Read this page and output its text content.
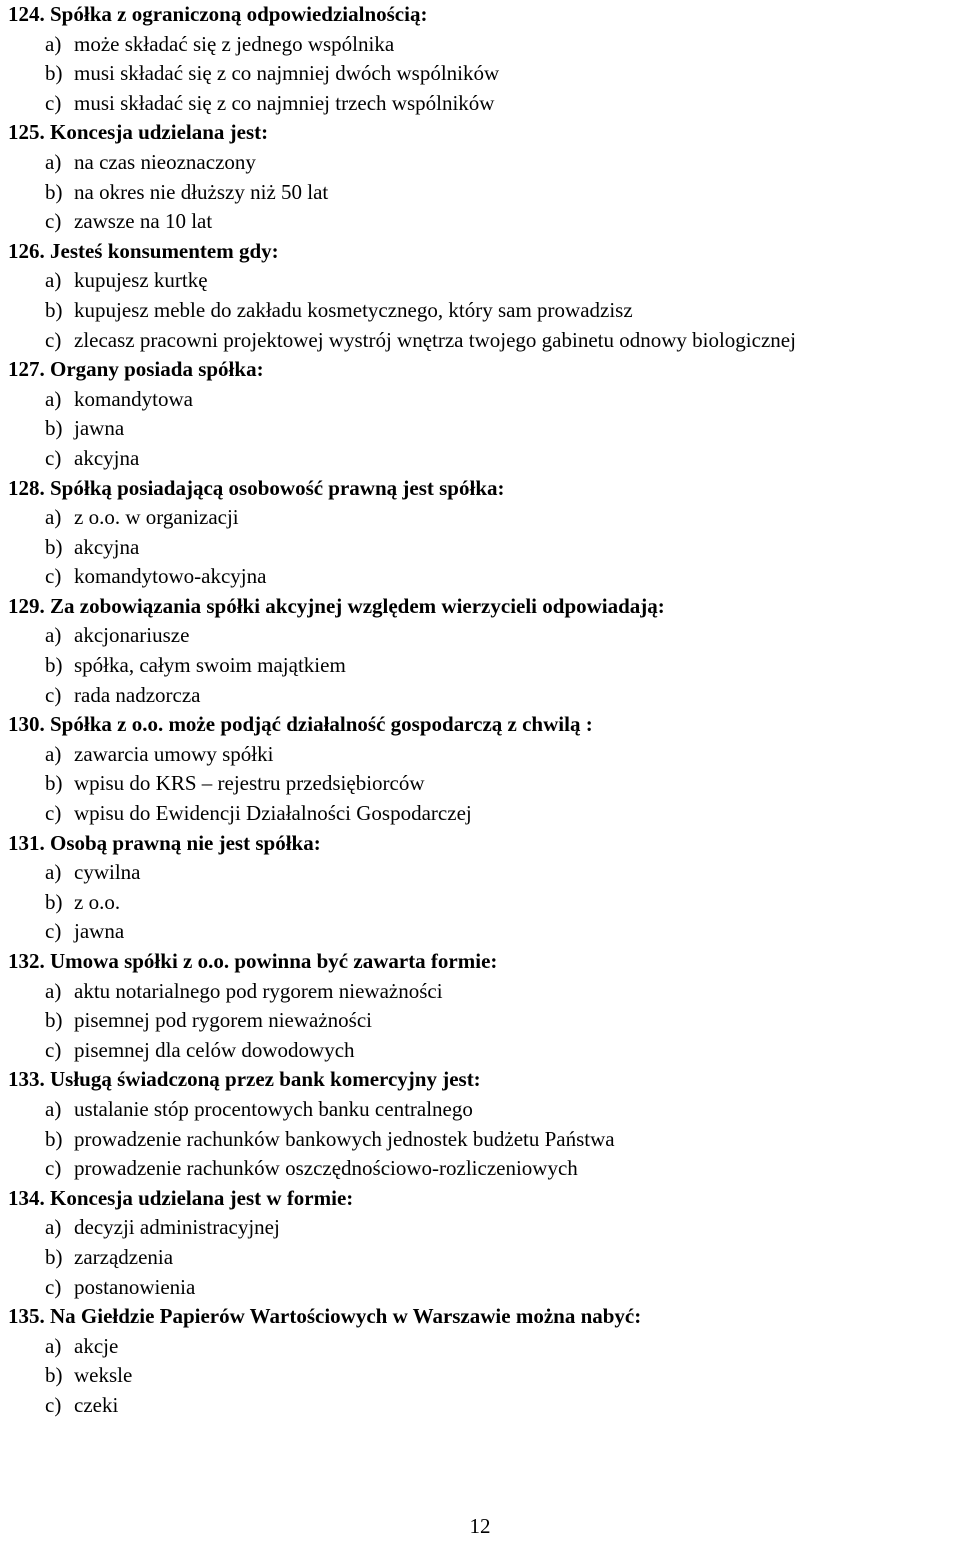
124. Spółka z ograniczoną odpowiedzialnością:
a) może składać się z jednego wspólnika
b) musi składać się z co najmniej dwóch wspólników
c) musi składać się z co najmniej trzech wspólników
125. Koncesja udzielana jest:
a) na czas nieoznaczony
b) na okres nie dłuższy niż 50 lat
c) zawsze na 10 lat
126. Jesteś konsumentem gdy:
a) kupujesz kurtkę
b) kupujesz meble do zakładu kosmetycznego, który sam prowadzisz
c) zlecasz pracowni projektowej wystrój wnętrza twojego gabinetu odnowy biologicznej
127. Organy posiada spółka:
a) komandytowa
b) jawna
c) akcyjna
128. Spółką posiadającą osobowość prawną jest spółka:
a) z o.o. w organizacji
b) akcyjna
c) komandytowo-akcyjna
129. Za zobowiązania spółki akcyjnej względem wierzycieli odpowiadają:
a) akcjonariusze
b) spółka, całym swoim majątkiem
c) rada nadzorcza
130. Spółka z o.o. może podjąć działalność gospodarczą z chwilą :
a) zawarcia umowy spółki
b) wpisu do KRS – rejestru przedsiębiorców
c) wpisu do Ewidencji Działalności Gospodarczej
131. Osobą prawną nie jest spółka:
a) cywilna
b) z o.o.
c) jawna
132. Umowa spółki z o.o. powinna być zawarta formie:
a) aktu notarialnego pod rygorem nieważności
b) pisemnej pod rygorem nieważności
c) pisemnej dla celów dowodowych
133. Usługą świadczoną przez bank komercyjny jest:
a) ustalanie stóp procentowych banku centralnego
b) prowadzenie rachunków bankowych jednostek budżetu Państwa
c) prowadzenie rachunków oszczędnościowo-rozliczeniowych
134. Koncesja udzielana jest w formie:
a) decyzji administracyjnej
b) zarządzenia
c) postanowienia
135. Na Giełdzie Papierów Wartościowych w Warszawie można nabyć:
a) akcje
b) weksle
c) czeki
12
